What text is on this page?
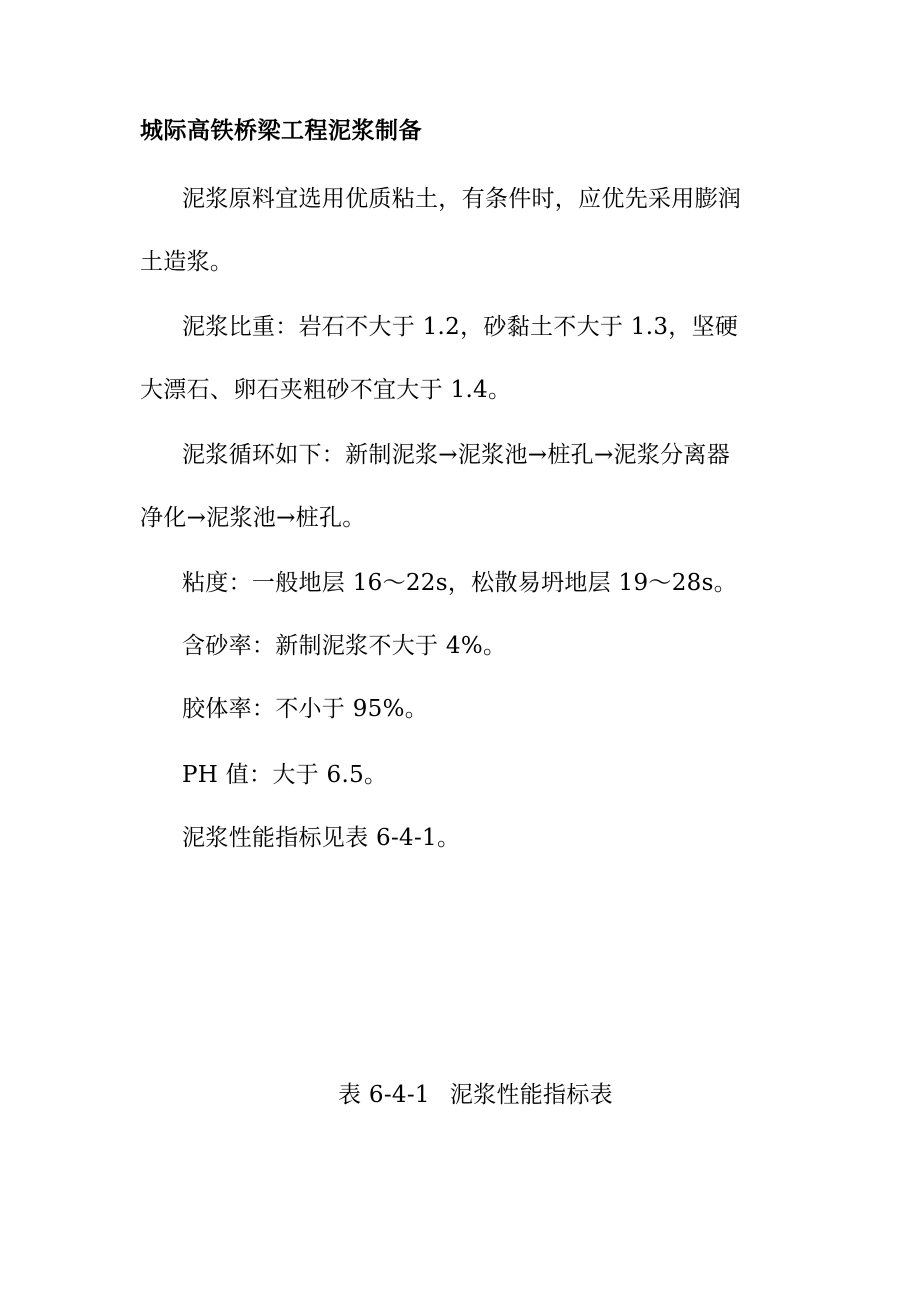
城际高铁桥梁工程泥浆制备
泥浆原料宜选用优质粘土，有条件时，应优先采用膨润
土造浆。
泥浆比重：岩石不大于 1.2，砂黏土不大于 1.3，坚硬
大漂石、卵石夹粗砂不宜大于 1.4。
泥浆循环如下：新制泥浆→泥浆池→桩孔→泥浆分离器
净化→泥浆池→桩孔。
粘度：一般地层 16～22s，松散易坍地层 19～28s。
含砂率：新制泥浆不大于 4%。
胶体率：不小于 95%。
PH 值：大于 6.5。
泥浆性能指标见表 6-4-1。
表 6-4-1 泥浆性能指标表
